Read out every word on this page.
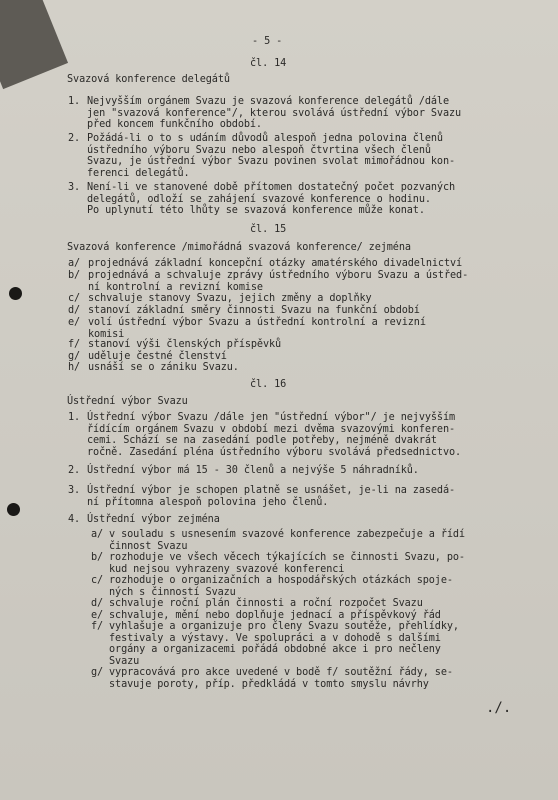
- 5 -
čl. 14
Svazová konference delegátů
1. Nejvyšším orgánem Svazu je svazová konference delegátů /dále
jen "svazová konference"/, kterou svolává ústřední výbor Svazu
před koncem funkčního období.
2. Požádá-li o to s udáním důvodů alespoň jedna polovina členů
ústředního výboru Svazu nebo alespoň čtvrtina všech členů
Svazu, je ústřední výbor Svazu povinen svolat mimořádnou kon-
ferenci delegátů.
3. Není-li ve stanovené době přítomen dostatečný počet pozvaných
delegátů, odloží se zahájení svazové konference o hodinu.
Po uplynutí této lhůty se svazová konference může konat.
čl. 15
Svazová konference /mimořádná svazová konference/ zejména
a/ projednává základní koncepční otázky amatérského divadelnictví
b/ projednává a schvaluje zprávy ústředního výboru Svazu a ústřed-
ní kontrolní a revizní komise
c/ schvaluje stanovy Svazu, jejich změny a doplňky
d/ stanoví základní směry činnosti Svazu na funkční období
e/ volí ústřední výbor Svazu a ústřední kontrolní a revizní
komisi
f/ stanoví výši členských příspěvků
g/ uděluje čestné členství
h/ usnáší se o zániku Svazu.
čl. 16
Ústřední výbor Svazu
1. Ústřední výbor Svazu /dále jen "ústřední výbor"/ je nejvyšším
řídícím orgánem Svazu v období mezi dvěma svazovými konferen-
cemi. Schází se na zasedání podle potřeby, nejméně dvakrát
ročně. Zasedání pléna ústředního výboru svolává předsednictvo.
2. Ústřední výbor má 15 - 30 členů a nejvýše 5 náhradníků.
3. Ústřední výbor je schopen platně se usnášet, je-li na zasedá-
ní přítomna alespoň polovina jeho členů.
4. Ústřední výbor zejména
a/ v souladu s usnesením svazové konference zabezpečuje a řídí
činnost Svazu
b/ rozhoduje ve všech věcech týkajících se činnosti Svazu, po-
kud nejsou vyhrazeny svazové konferenci
c/ rozhoduje o organizačních a hospodářských otázkách spoje-
ných s činností Svazu
d/ schvaluje roční plán činnosti a roční rozpočet Svazu
e/ schvaluje, mění nebo doplňuje jednací a příspěvkový řád
f/ vyhlašuje a organizuje pro členy Svazu soutěže, přehlídky,
festivaly a výstavy. Ve spolupráci a v dohodě s dalšími
orgány a organizacemi pořádá obdobné akce i pro nečleny
Svazu
g/ vypracovává pro akce uvedené v bodě f/ soutěžní řády, se-
stavuje poroty, příp. předkládá v tomto smyslu návrhy
./.
